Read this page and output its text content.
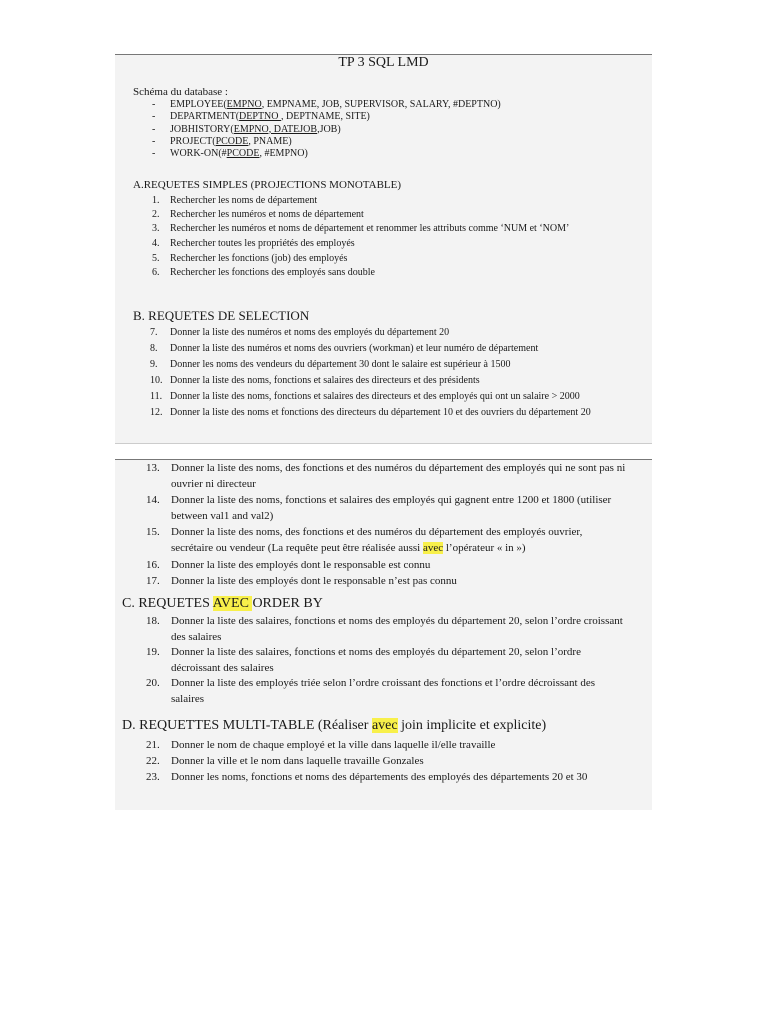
TP 3 SQL LMD
Schéma du database :
- EMPLOYEE(EMPNO, EMPNAME, JOB, SUPERVISOR, SALARY, #DEPTNO)
- DEPARTMENT(DEPTNO , DEPTNAME, SITE)
- JOBHISTORY(EMPNO, DATEJOB,JOB)
- PROJECT(PCODE, PNAME)
- WORK-ON(#PCODE, #EMPNO)
A.REQUETES SIMPLES (PROJECTIONS MONOTABLE)
1. Rechercher les noms de département
2. Rechercher les numéros et noms de département
3. Rechercher les numéros et noms de département et renommer les attributs comme ‘NUM et ‘NOM’
4. Rechercher toutes les propriétés des employés
5. Rechercher les fonctions (job) des employés
6. Rechercher les fonctions des employés sans double
B. REQUETES DE SELECTION
7. Donner la liste des numéros et noms des employés du département 20
8. Donner la liste des numéros et noms des ouvriers (workman) et leur numéro de département
9. Donner les noms des vendeurs du département 30 dont le salaire est supérieur à 1500
10. Donner la liste des noms, fonctions et salaires des directeurs et des présidents
11. Donner la liste des noms, fonctions et salaires des directeurs et des employés qui ont un salaire > 2000
12. Donner la liste des noms et fonctions des directeurs du département 10 et des ouvriers du département 20
13. Donner la liste des noms, des fonctions et des numéros du département des employés qui ne sont pas ni ouvrier ni directeur
14. Donner la liste des noms, fonctions et salaires des employés qui gagnent entre 1200 et 1800 (utiliser between val1 and val2)
15. Donner la liste des noms, des fonctions et des numéros du département des employés ouvrier, secrétaire ou vendeur (La requête peut être réalisée aussi avec l’opérateur « in »)
16. Donner la liste des employés dont le responsable est connu
17. Donner la liste des employés dont le responsable n’est pas connu
C. REQUETES AVEC ORDER BY
18. Donner la liste des salaires, fonctions et noms des employés du département 20, selon l’ordre croissant des salaires
19. Donner la liste des salaires, fonctions et noms des employés du département 20, selon l’ordre décroissant des salaires
20. Donner la liste des employés triée selon l’ordre croissant des fonctions et l’ordre décroissant des salaires
D. REQUETTES MULTI-TABLE (Réaliser avec join implicite et explicite)
21. Donner le nom de chaque employé et la ville dans laquelle il/elle travaille
22. Donner la ville et le nom dans laquelle travaille Gonzales
23. Donner les noms, fonctions et noms des départements des employés des départements 20 et 30
